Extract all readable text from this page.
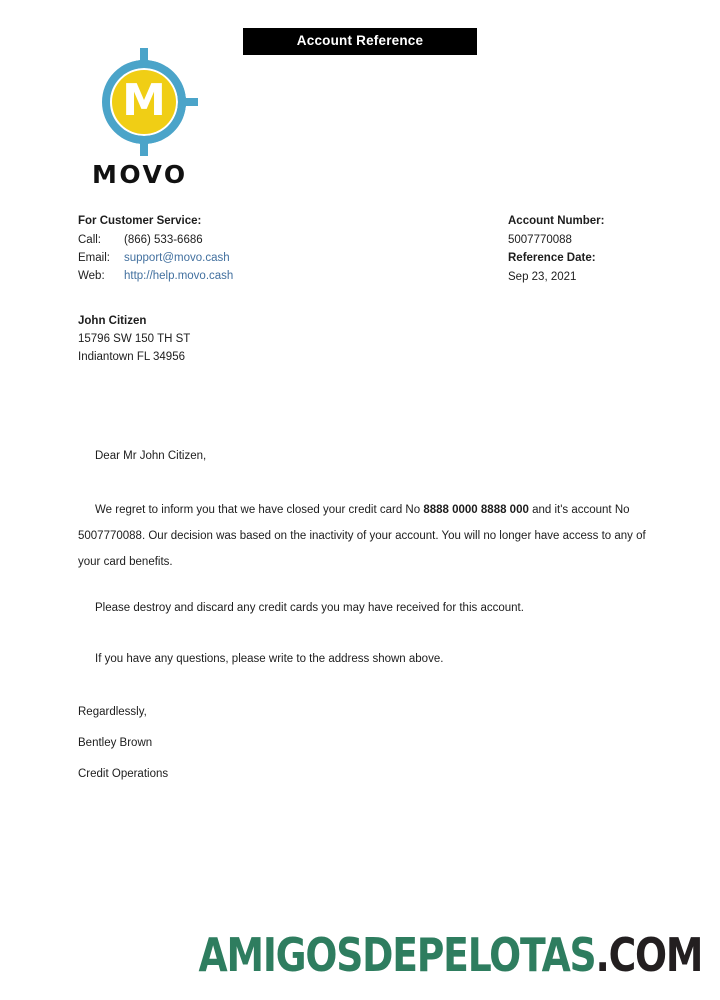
Account Reference
M
MOVO
For Customer Service:
Call:	(866) 533-6686
Email:	support@movo.cash
Web:	http://help.movo.cash
Account Number:
5007770088
Reference Date:
Sep 23, 2021
John Citizen
15796 SW 150 TH ST
Indiantown FL 34956
Dear Mr John Citizen,

We regret to inform you that we have closed your credit card No 8888 0000 8888 000 and it's account No 5007770088. Our decision was based on the inactivity of your account. You will no longer have access to any of your card benefits.

Please destroy and discard any credit cards you may have received for this account.
If you have any questions, please write to the address shown above.
Regardlessly,
Bentley Brown
Credit Operations
AMIGOSDEPELOTAS.COM
